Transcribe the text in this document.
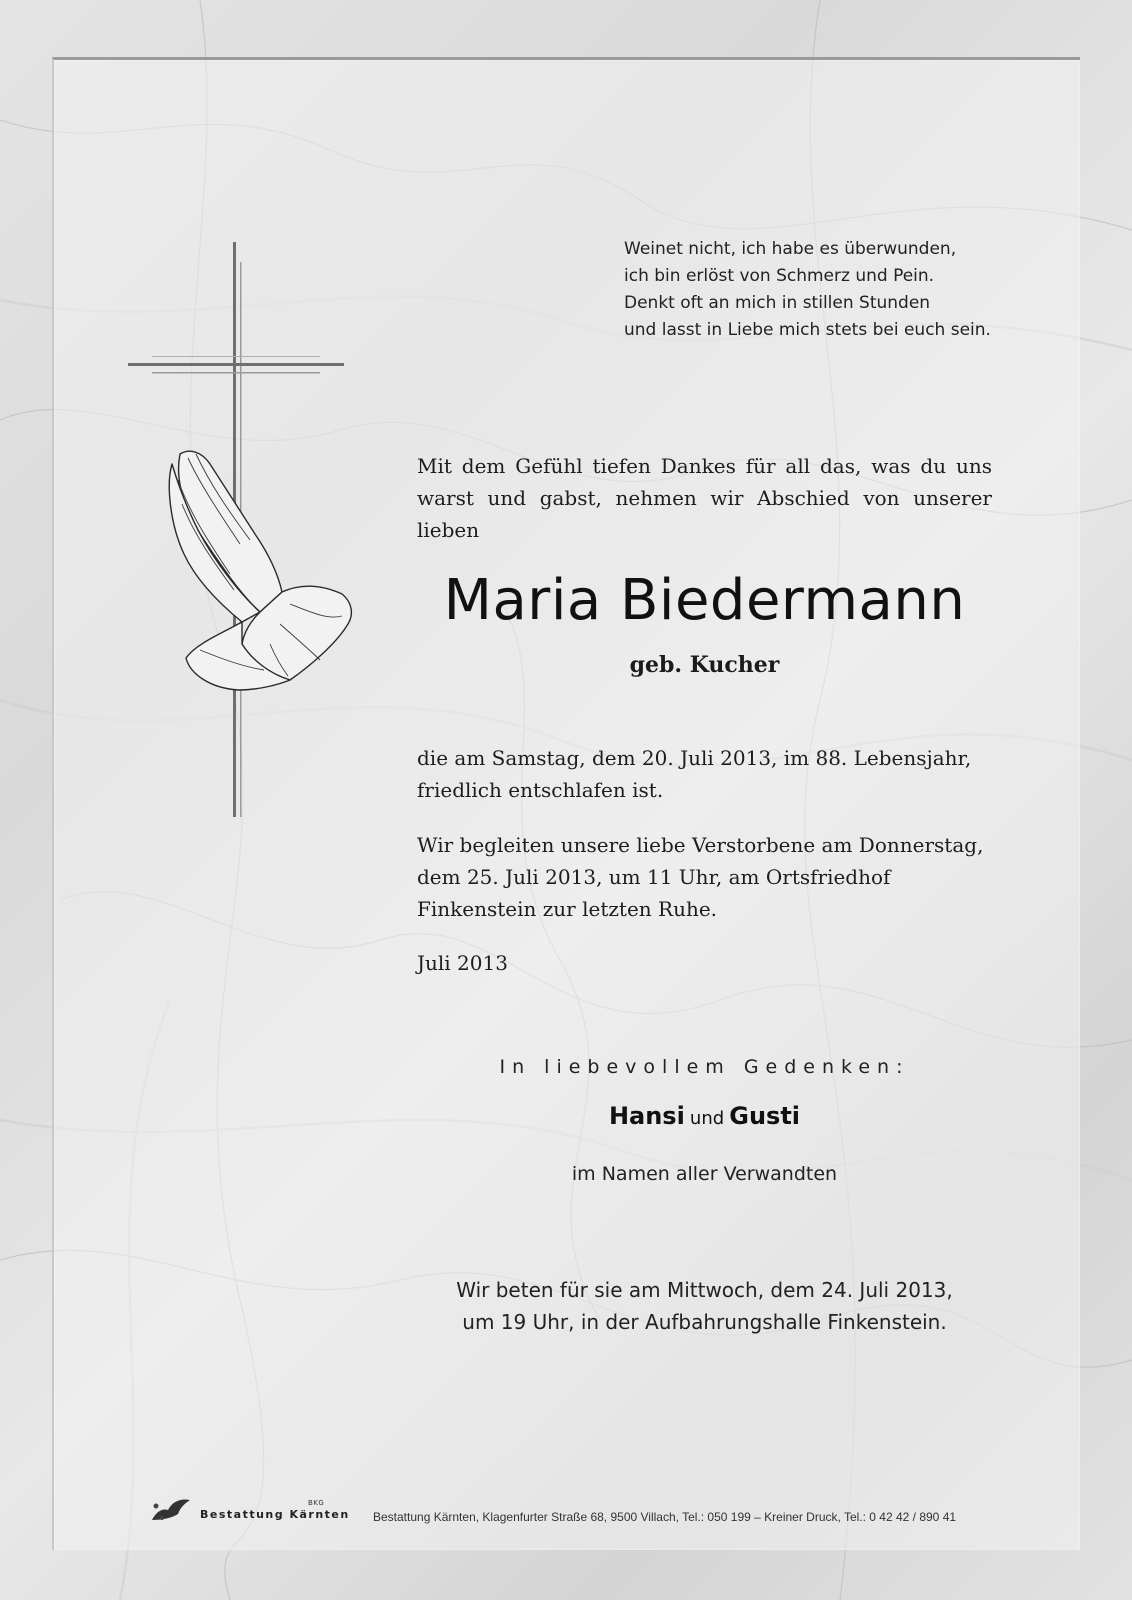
Weinet nicht, ich habe es überwunden,
ich bin erlöst von Schmerz und Pein.
Denkt oft an mich in stillen Stunden
und lasst in Liebe mich stets bei euch sein.
Mit dem Gefühl tiefen Dankes für all das, was du uns warst und gabst, nehmen wir Abschied von unserer lieben
Maria Biedermann
geb. Kucher
die am Samstag, dem 20. Juli 2013, im 88. Lebensjahr, friedlich entschlafen ist.
Wir begleiten unsere liebe Verstorbene am Donnerstag, dem 25. Juli 2013, um 11 Uhr, am Ortsfriedhof Finkenstein zur letzten Ruhe.
Juli 2013
In liebevollem Gedenken:
Hansi und Gusti
im Namen aller Verwandten
Wir beten für sie am Mittwoch, dem 24. Juli 2013,
um 19 Uhr, in der Aufbahrungshalle Finkenstein.
BKG
Bestattung Kärnten Bestattung Kärnten, Klagenfurter Straße 68, 9500 Villach, Tel.: 050 199 – Kreiner Druck, Tel.: 0 42 42 / 890 41
